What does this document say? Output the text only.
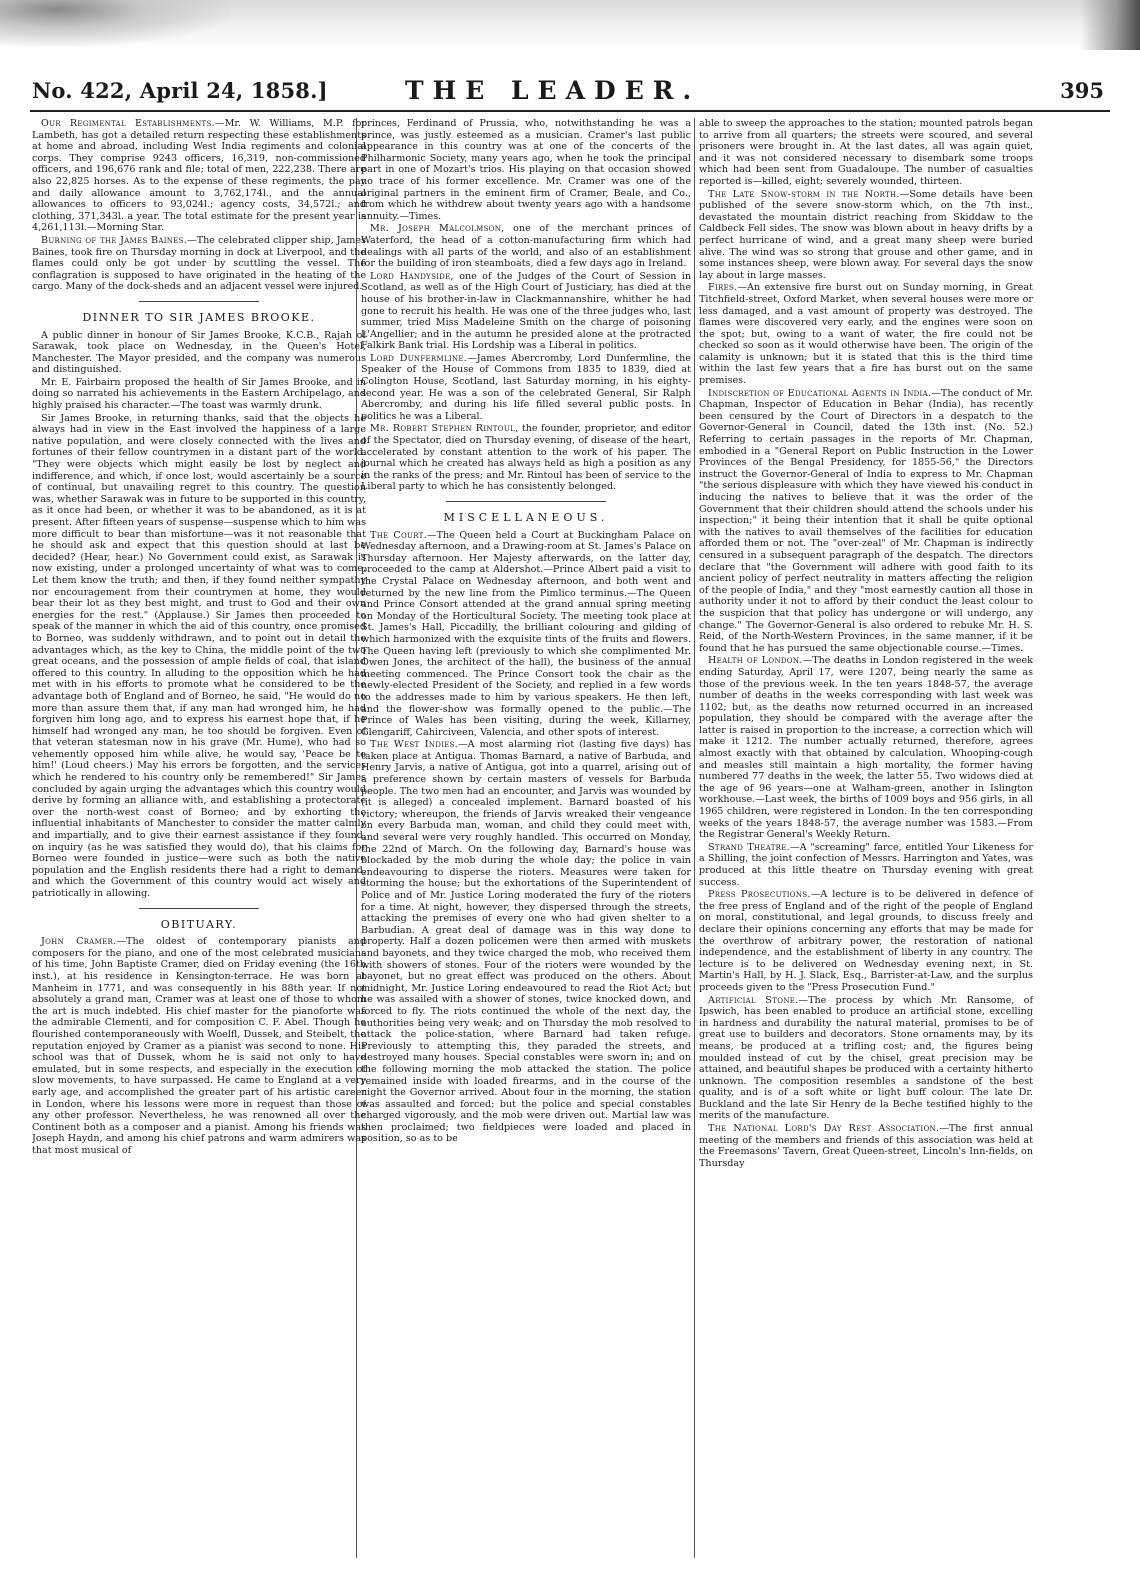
No. 422, April 24, 1858.]	THE LEADER.	395

Our Regimental Establishments.—Mr. W. Williams, M.P. for Lambeth, has got a detailed return respecting these establishments at home and abroad, including West India regiments and colonial corps. They comprise 9243 officers, 16,319, non-commissioned officers, and 196,676 rank and file; total of men, 222,238. There are also 22,825 horses. As to the expense of these regiments, the pay and daily allowance amount to 3,762,174l., and the annual allowances to officers to 93,024l.; agency costs, 34,572l.; and clothing, 371,343l. a year. The total estimate for the present year is 4,261,113l.—Morning Star.

Burning of the James Baines.—The celebrated clipper ship, James Baines, took fire on Thursday morning in dock at Liverpool, and the flames could only be got under by scuttling the vessel. The conflagration is supposed to have originated in the heating of the cargo. Many of the dock-sheds and an adjacent vessel were injured.

DINNER TO SIR JAMES BROOKE.

A public dinner in honour of Sir James Brooke, K.C.B., Rajah of Sarawak, took place on Wednesday, in the Queen's Hotel, Manchester. The Mayor presided, and the company was numerous and distinguished.

Mr. E. Fairbairn proposed the health of Sir James Brooke, and in doing so narrated his achievements in the Eastern Archipelago, and highly praised his character.—The toast was warmly drunk.

Sir James Brooke, in returning thanks, said that the objects he always had in view in the East involved the happiness of a large native population, and were closely connected with the lives and fortunes of their fellow countrymen in a distant part of the world. "They were objects which might easily be lost by neglect and indifference, and which, if once lost, would ascertainly be a source of continual, but unavailing regret to this country. The question was, whether Sarawak was in future to be supported in this country, as it once had been, or whether it was to be abandoned, as it is at present. After fifteen years of suspense—suspense which to him was more difficult to bear than misfortune—was it not reasonable that he should ask and expect that this question should at last be decided? (Hear, hear.) No Government could exist, as Sarawak is now existing, under a prolonged uncertainty of what was to come. Let them know the truth; and then, if they found neither sympathy nor encouragement from their countrymen at home, they would bear their lot as they best might, and trust to God and their own energies for the rest." (Applause.) Sir James then proceeded to speak of the manner in which the aid of this country, once promised to Borneo, was suddenly withdrawn, and to point out in detail the advantages which, as the key to China, the middle point of the two great oceans, and the possession of ample fields of coal, that island offered to this country. In alluding to the opposition which he had met with in his efforts to promote what he considered to be the advantage both of England and of Borneo, he said, "He would do no more than assure them that, if any man had wronged him, he had forgiven him long ago, and to express his earnest hope that, if he himself had wronged any man, he too should be forgiven. Even of that veteran statesman now in his grave (Mr. Hume), who had so vehemently opposed him while alive, he would say, 'Peace be to him!' (Loud cheers.) May his errors be forgotten, and the services which he rendered to his country only be remembered!" Sir James concluded by again urging the advantages which this country would derive by forming an alliance with, and establishing a protectorate over the north-west coast of Borneo; and by exhorting the influential inhabitants of Manchester to consider the matter calmly and impartially, and to give their earnest assistance if they found, on inquiry (as he was satisfied they would do), that his claims for Borneo were founded in justice—were such as both the native population and the English residents there had a right to demand, and which the Government of this country would act wisely and patriotically in allowing.

OBITUARY.

John Cramer.—The oldest of contemporary pianists and composers for the piano, and one of the most celebrated musicians of his time, John Baptiste Cramer, died on Friday evening (the 16th inst.), at his residence in Kensington-terrace. He was born at Manheim in 1771, and was consequently in his 88th year. If not absolutely a grand man, Cramer was at least one of those to whom the art is much indebted. His chief master for the pianoforte was the admirable Clementi, and for composition C. F. Abel. Though he flourished contemporaneously with Woelfl, Dussek, and Steibelt, the reputation enjoyed by Cramer as a pianist was second to none. His school was that of Dussek, whom he is said not only to have emulated, but in some respects, and especially in the execution of slow movements, to have surpassed. He came to England at a very early age, and accomplished the greater part of his artistic career in London, where his lessons were more in request than those of any other professor. Nevertheless, he was renowned all over the Continent both as a composer and a pianist. Among his friends was Joseph Haydn, and among his chief patrons and warm admirers was that most musical of

princes, Ferdinand of Prussia, who, notwithstanding he was a prince, was justly esteemed as a musician. Cramer's last public appearance in this country was at one of the concerts of the Philharmonic Society, many years ago, when he took the principal part in one of Mozart's trios. His playing on that occasion showed no trace of his former excellence. Mr. Cramer was one of the original partners in the eminent firm of Cramer, Beale, and Co., from which he withdrew about twenty years ago with a handsome annuity.—Times.

Mr. Joseph Malcolmson, one of the merchant princes of Waterford, the head of a cotton-manufacturing firm which had dealings with all parts of the world, and also of an establishment for the building of iron steamboats, died a few days ago in Ireland.

Lord Handyside, one of the Judges of the Court of Session in Scotland, as well as of the High Court of Justiciary, has died at the house of his brother-in-law in Clackmannanshire, whither he had gone to recruit his health. He was one of the three judges who, last summer, tried Miss Madeleine Smith on the charge of poisoning L'Angellier; and in the autumn he presided alone at the protracted Falkirk Bank trial. His Lordship was a Liberal in politics.

Lord Dunfermline.—James Abercromby, Lord Dunfermline, the Speaker of the House of Commons from 1835 to 1839, died at Colington House, Scotland, last Saturday morning, in his eighty-second year. He was a son of the celebrated General, Sir Ralph Abercromby, and during his life filled several public posts. In politics he was a Liberal.

Mr. Robert Stephen Rintoul, the founder, proprietor, and editor of the Spectator, died on Thursday evening, of disease of the heart, accelerated by constant attention to the work of his paper. The journal which he created has always held as high a position as any in the ranks of the press; and Mr. Rintoul has been of service to the Liberal party to which he has consistently belonged.

MISCELLANEOUS.

The Court.—The Queen held a Court at Buckingham Palace on Wednesday afternoon, and a Drawing-room at St. James's Palace on Thursday afternoon. Her Majesty afterwards, on the latter day, proceeded to the camp at Aldershot.—Prince Albert paid a visit to the Crystal Palace on Wednesday afternoon, and both went and returned by the new line from the Pimlico terminus.—The Queen and Prince Consort attended at the grand annual spring meeting on Monday of the Horticultural Society. The meeting took place at St. James's Hall, Piccadilly, the brilliant colouring and gilding of which harmonized with the exquisite tints of the fruits and flowers. The Queen having left (previously to which she complimented Mr. Owen Jones, the architect of the hall), the business of the annual meeting commenced. The Prince Consort took the chair as the newly-elected President of the Society, and replied in a few words to the addresses made to him by various speakers. He then left, and the flower-show was formally opened to the public.—The Prince of Wales has been visiting, during the week, Killarney, Glengariff, Cahirciveen, Valencia, and other spots of interest.

The West Indies.—A most alarming riot (lasting five days) has taken place at Antigua. Thomas Barnard, a native of Barbuda, and Henry Jarvis, a native of Antigua, got into a quarrel, arising out of a preference shown by certain masters of vessels for Barbuda people. The two men had an encounter, and Jarvis was wounded by (it is alleged) a concealed implement. Barnard boasted of his victory; whereupon, the friends of Jarvis wreaked their vengeance on every Barbuda man, woman, and child they could meet with, and several were very roughly handled. This occurred on Monday, the 22nd of March. On the following day, Barnard's house was blockaded by the mob during the whole day; the police in vain endeavouring to disperse the rioters. Measures were taken for storming the house; but the exhortations of the Superintendent of Police and of Mr. Justice Loring moderated the fury of the rioters for a time. At night, however, they dispersed through the streets, attacking the premises of every one who had given shelter to a Barbudian. A great deal of damage was in this way done to property. Half a dozen policemen were then armed with muskets and bayonets, and they twice charged the mob, who received them with showers of stones. Four of the rioters were wounded by the bayonet, but no great effect was produced on the others. About midnight, Mr. Justice Loring endeavoured to read the Riot Act; but he was assailed with a shower of stones, twice knocked down, and forced to fly. The riots continued the whole of the next day, the authorities being very weak; and on Thursday the mob resolved to attack the police-station, where Barnard had taken refuge. Previously to attempting this, they paraded the streets, and destroyed many houses. Special constables were sworn in; and on the following morning the mob attacked the station. The police remained inside with loaded firearms, and in the course of the night the Governor arrived. About four in the morning, the station was assaulted and forced; but the police and special constables charged vigorously, and the mob were driven out. Martial law was then proclaimed; two fieldpieces were loaded and placed in position, so as to be

able to sweep the approaches to the station; mounted patrols began to arrive from all quarters; the streets were scoured, and several prisoners were brought in. At the last dates, all was again quiet, and it was not considered necessary to disembark some troops which had been sent from Guadaloupe. The number of casualties reported is—killed, eight; severely wounded, thirteen.

The Late Snow-storm in the North.—Some details have been published of the severe snow-storm which, on the 7th inst., devastated the mountain district reaching from Skiddaw to the Caldbeck Fell sides. The snow was blown about in heavy drifts by a perfect hurricane of wind, and a great many sheep were buried alive. The wind was so strong that grouse and other game, and in some instances sheep, were blown away. For several days the snow lay about in large masses.

Fires.—An extensive fire burst out on Sunday morning, in Great Titchfield-street, Oxford Market, when several houses were more or less damaged, and a vast amount of property was destroyed. The flames were discovered very early, and the engines were soon on the spot; but, owing to a want of water, the fire could not be checked so soon as it would otherwise have been. The origin of the calamity is unknown; but it is stated that this is the third time within the last few years that a fire has burst out on the same premises.

Indiscretion of Educational Agents in India.—The conduct of Mr. Chapman, Inspector of Education in Behar (India), has recently been censured by the Court of Directors in a despatch to the Governor-General in Council, dated the 13th inst. (No. 52.) Referring to certain passages in the reports of Mr. Chapman, embodied in a "General Report on Public Instruction in the Lower Provinces of the Bengal Presidency, for 1855-56," the Directors instruct the Governor-General of India to express to Mr. Chapman "the serious displeasure with which they have viewed his conduct in inducing the natives to believe that it was the order of the Government that their children should attend the schools under his inspection;" it being their intention that it shall be quite optional with the natives to avail themselves of the facilities for education afforded them or not. The "over-zeal" of Mr. Chapman is indirectly censured in a subsequent paragraph of the despatch. The directors declare that "the Government will adhere with good faith to its ancient policy of perfect neutrality in matters affecting the religion of the people of India," and they "most earnestly caution all those in authority under it not to afford by their conduct the least colour to the suspicion that that policy has undergone or will undergo, any change." The Governor-General is also ordered to rebuke Mr. H. S. Reid, of the North-Western Provinces, in the same manner, if it be found that he has pursued the same objectionable course.—Times.

Health of London.—The deaths in London registered in the week ending Saturday, April 17, were 1207, being nearly the same as those of the previous week. In the ten years 1848-57, the average number of deaths in the weeks corresponding with last week was 1102; but, as the deaths now returned occurred in an increased population, they should be compared with the average after the latter is raised in proportion to the increase, a correction which will make it 1212. The number actually returned, therefore, agrees almost exactly with that obtained by calculation. Whooping-cough and measles still maintain a high mortality, the former having numbered 77 deaths in the week, the latter 55. Two widows died at the age of 96 years—one at Walham-green, another in Islington workhouse.—Last week, the births of 1009 boys and 956 girls, in all 1965 children, were registered in London. In the ten corresponding weeks of the years 1848-57, the average number was 1583.—From the Registrar General's Weekly Return.

Strand Theatre.—A "screaming" farce, entitled Your Likeness for a Shilling, the joint confection of Messrs. Harrington and Yates, was produced at this little theatre on Thursday evening with great success.

Press Prosecutions.—A lecture is to be delivered in defence of the free press of England and of the right of the people of England on moral, constitutional, and legal grounds, to discuss freely and declare their opinions concerning any efforts that may be made for the overthrow of arbitrary power, the restoration of national independence, and the establishment of liberty in any country. The lecture is to be delivered on Wednesday evening next, in St. Martin's Hall, by H. J. Slack, Esq., Barrister-at-Law, and the surplus proceeds given to the "Press Prosecution Fund."

Artificial Stone.—The process by which Mr. Ransome, of Ipswich, has been enabled to produce an artificial stone, excelling in hardness and durability the natural material, promises to be of great use to builders and decorators. Stone ornaments may, by its means, be produced at a trifling cost; and, the figures being moulded instead of cut by the chisel, great precision may be attained, and beautiful shapes be produced with a certainty hitherto unknown. The composition resembles a sandstone of the best quality, and is of a soft white or light buff colour. The late Dr. Buckland and the late Sir Henry de la Beche testified highly to the merits of the manufacture.

The National Lord's Day Rest Association.—The first annual meeting of the members and friends of this association was held at the Freemasons' Tavern, Great Queen-street, Lincoln's Inn-fields, on Thursday
